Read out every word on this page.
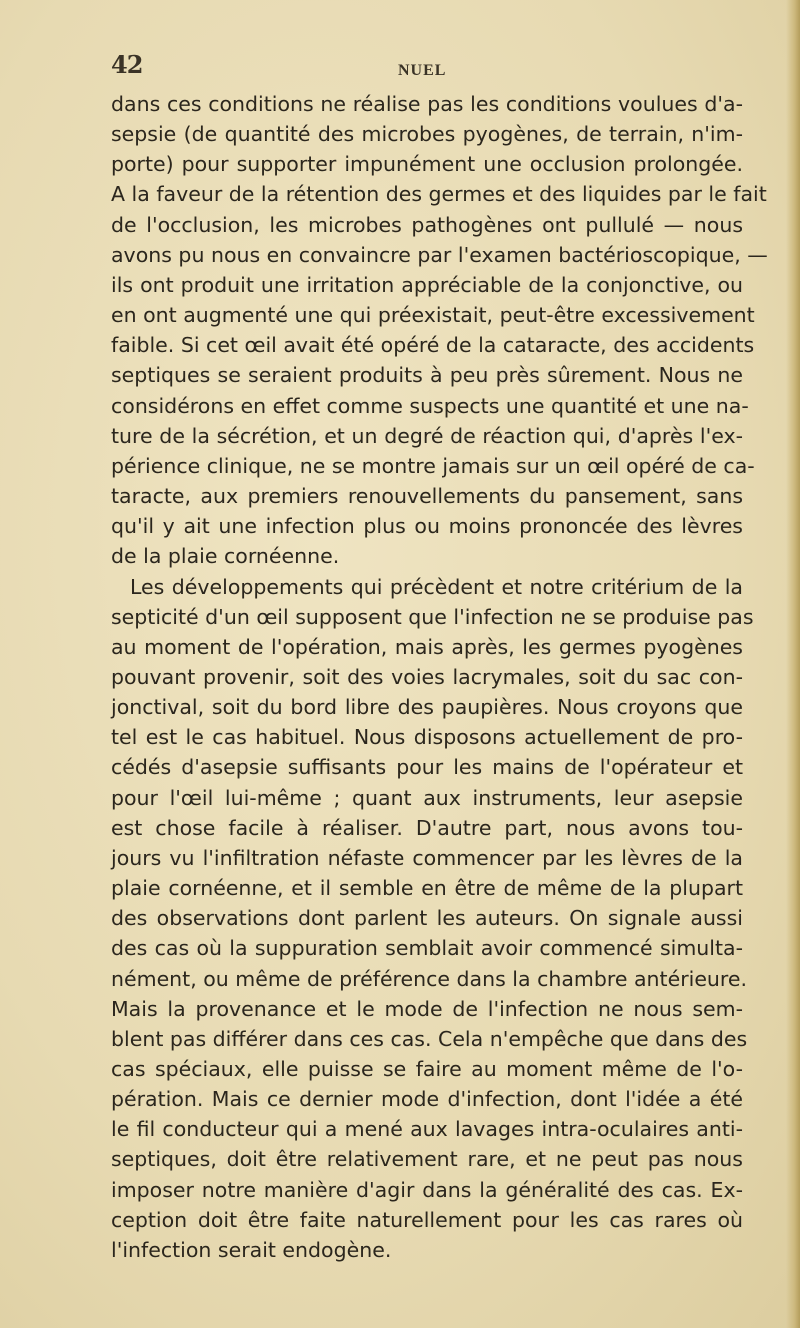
42	NUEL
dans ces conditions ne réalise pas les conditions voulues d'a-
sepsie (de quantité des microbes pyogènes, de terrain, n'im-
porte) pour supporter impunément une occlusion prolongée.
A la faveur de la rétention des germes et des liquides par le fait
de l'occlusion, les microbes pathogènes ont pullulé — nous
avons pu nous en convaincre par l'examen bactérioscopique, —
ils ont produit une irritation appréciable de la conjonctive, ou
en ont augmenté une qui préexistait, peut-être excessivement
faible. Si cet œil avait été opéré de la cataracte, des accidents
septiques se seraient produits à peu près sûrement. Nous ne
considérons en effet comme suspects une quantité et une na-
ture de la sécrétion, et un degré de réaction qui, d'après l'ex-
périence clinique, ne se montre jamais sur un œil opéré de ca-
taracte, aux premiers renouvellements du pansement, sans
qu'il y ait une infection plus ou moins prononcée des lèvres
de la plaie cornéenne.
Les développements qui précèdent et notre critérium de la
septicité d'un œil supposent que l'infection ne se produise pas
au moment de l'opération, mais après, les germes pyogènes
pouvant provenir, soit des voies lacrymales, soit du sac con-
jonctival, soit du bord libre des paupières. Nous croyons que
tel est le cas habituel. Nous disposons actuellement de pro-
cédés d'asepsie suffisants pour les mains de l'opérateur et
pour l'œil lui-même ; quant aux instruments, leur asepsie
est chose facile à réaliser. D'autre part, nous avons tou-
jours vu l'infiltration néfaste commencer par les lèvres de la
plaie cornéenne, et il semble en être de même de la plupart
des observations dont parlent les auteurs. On signale aussi
des cas où la suppuration semblait avoir commencé simulta-
nément, ou même de préférence dans la chambre antérieure.
Mais la provenance et le mode de l'infection ne nous sem-
blent pas différer dans ces cas. Cela n'empêche que dans des
cas spéciaux, elle puisse se faire au moment même de l'o-
pération. Mais ce dernier mode d'infection, dont l'idée a été
le fil conducteur qui a mené aux lavages intra-oculaires anti-
septiques, doit être relativement rare, et ne peut pas nous
imposer notre manière d'agir dans la généralité des cas. Ex-
ception doit être faite naturellement pour les cas rares où
l'infection serait endogène.
